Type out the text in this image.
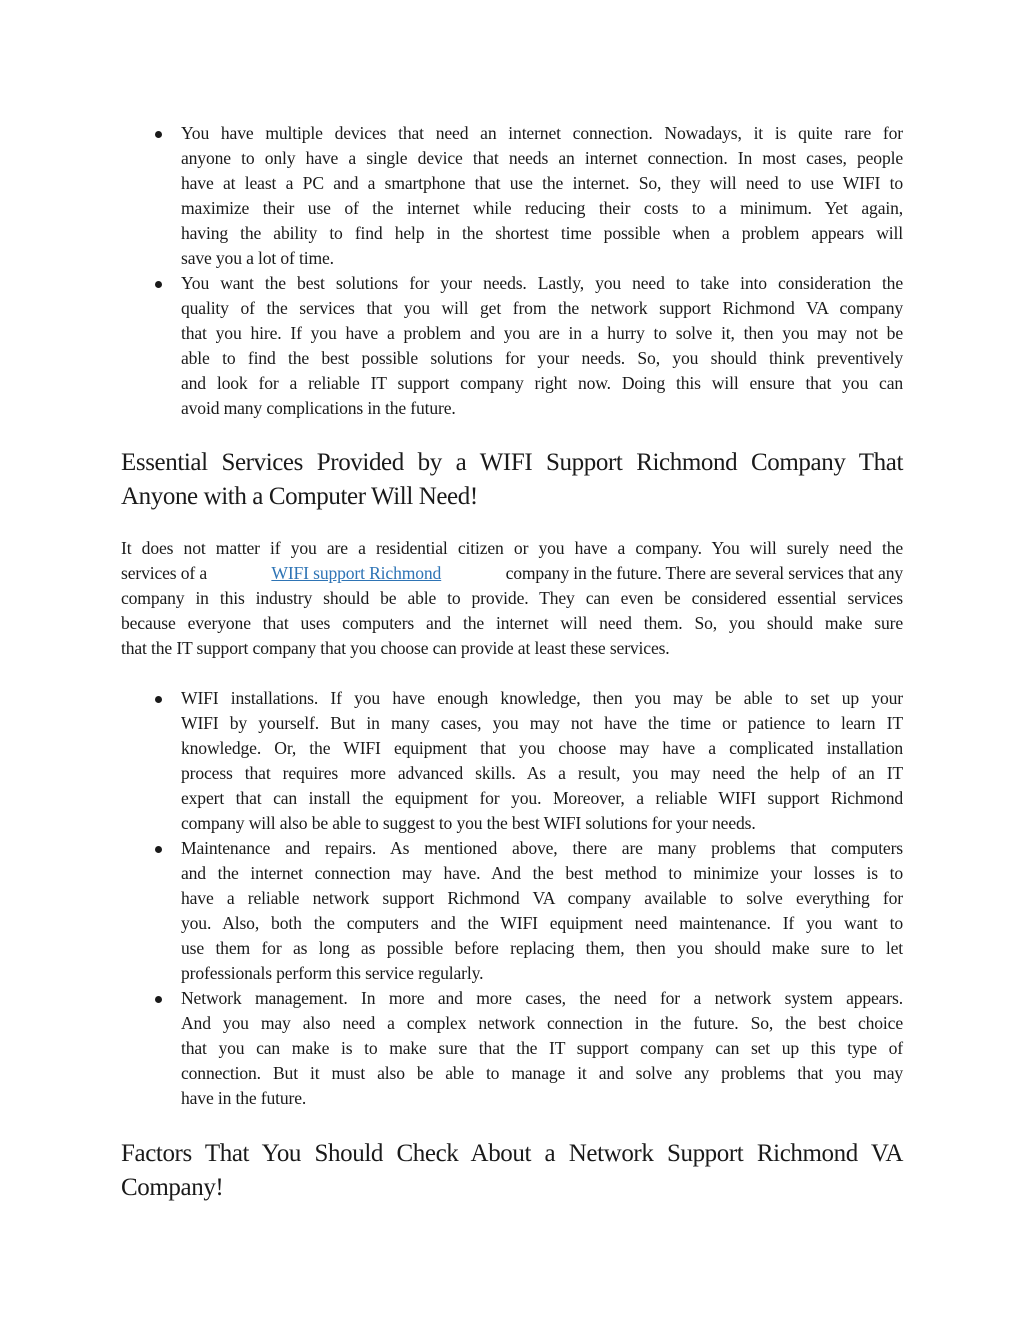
You have multiple devices that need an internet connection. Nowadays, it is quite rare for
anyone to only have a single device that needs an internet connection. In most cases, people
have at least a PC and a smartphone that use the internet. So, they will need to use WIFI to
maximize their use of the internet while reducing their costs to a minimum. Yet again,
having the ability to find help in the shortest time possible when a problem appears will
save you a lot of time.
You want the best solutions for your needs. Lastly, you need to take into consideration the
quality of the services that you will get from the network support Richmond VA company
that you hire. If you have a problem and you are in a hurry to solve it, then you may not be
able to find the best possible solutions for your needs. So, you should think preventively
and look for a reliable IT support company right now. Doing this will ensure that you can
avoid many complications in the future.
Essential Services Provided by a WIFI Support Richmond Company That
Anyone with a Computer Will Need!

It does not matter if you are a residential citizen or you have a company. You will surely need the
services of a	WIFI support Richmond	company in the future. There are several services that any
company in this industry should be able to provide. They can even be considered essential services
because everyone that uses computers and the internet will need them. So, you should make sure
that the IT support company that you choose can provide at least these services.

WIFI installations. If you have enough knowledge, then you may be able to set up your
WIFI by yourself. But in many cases, you may not have the time or patience to learn IT
knowledge. Or, the WIFI equipment that you choose may have a complicated installation
process that requires more advanced skills. As a result, you may need the help of an IT
expert that can install the equipment for you. Moreover, a reliable WIFI support Richmond
company will also be able to suggest to you the best WIFI solutions for your needs.
Maintenance and repairs. As mentioned above, there are many problems that computers
and the internet connection may have. And the best method to minimize your losses is to
have a reliable network support Richmond VA company available to solve everything for
you. Also, both the computers and the WIFI equipment need maintenance. If you want to
use them for as long as possible before replacing them, then you should make sure to let
professionals perform this service regularly.
Network management. In more and more cases, the need for a network system appears.
And you may also need a complex network connection in the future. So, the best choice
that you can make is to make sure that the IT support company can set up this type of
connection. But it must also be able to manage it and solve any problems that you may
have in the future.
Factors That You Should Check About a Network Support Richmond VA
Company!
